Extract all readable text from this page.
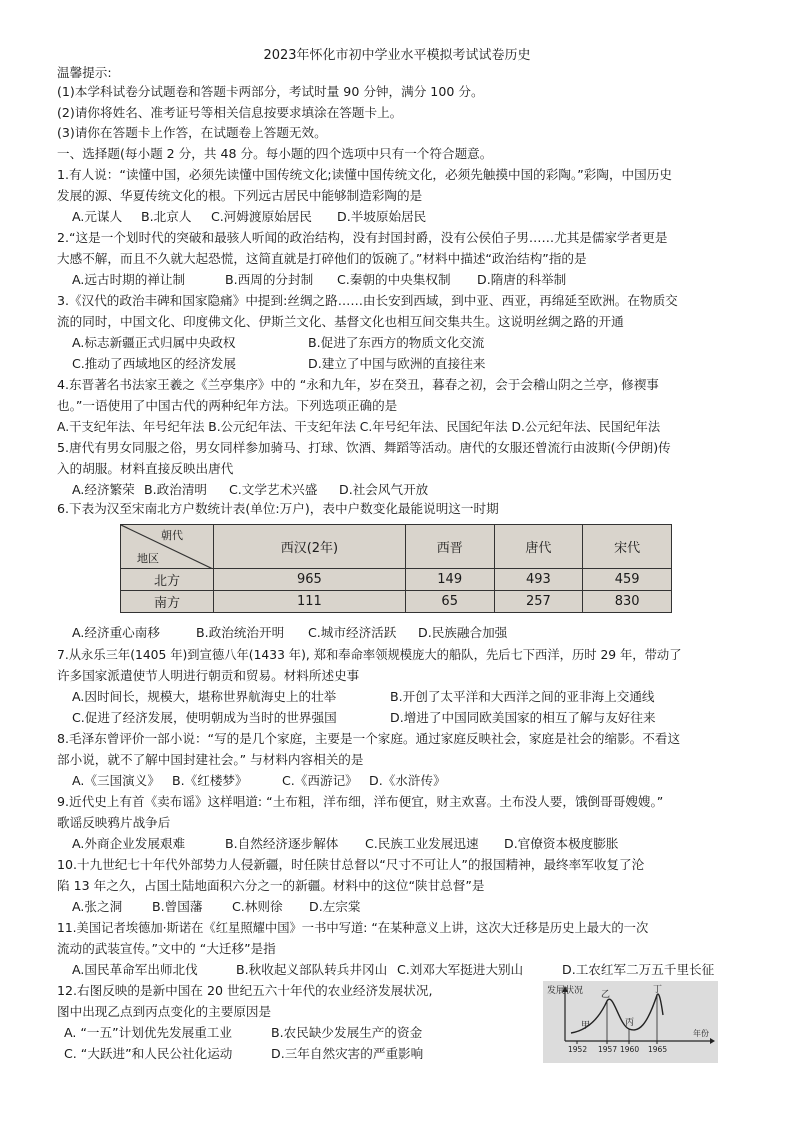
2023年怀化市初中学业水平模拟考试试卷历史
温馨提示:
(1)本学科试卷分试题卷和答题卡两部分，考试时量 90 分钟，满分 100 分。
(2)请你将姓名、准考证号等相关信息按要求填涂在答题卡上。
(3)请你在答题卡上作答，在试题卷上答题无效。
一、选择题(每小题 2 分，共 48 分。每小题的四个选项中只有一个符合题意。
1.有人说：“读懂中国，必须先读懂中国传统文化;读懂中国传统文化，必须先触摸中国的彩陶。”彩陶，中国历史
发展的源、华夏传统文化的根。下列远古居民中能够制造彩陶的是
A.元谋人 B.北京人 C.河姆渡原始居民 D.半坡原始居民
2.“这是一个划时代的突破和最骇人听闻的政治结构，没有封国封爵，没有公侯伯子男……尤其是儒家学者更是
大感不解，而且不久就大起恐慌，这简直就是打碎他们的饭碗了。”材料中描述“政治结构”指的是
A.远古时期的禅让制	B.西周的分封制 C.秦朝的中央集权制 D.隋唐的科举制
3.《汉代的政治丰碑和国家隐痛》中提到:丝绸之路……由长安到西域，到中亚、西亚，再绵延至欧洲。在物质交
流的同时，中国文化、印度佛文化、伊斯兰文化、基督文化也相互间交集共生。这说明丝绸之路的开通
A.标志新疆正式归属中央政权	B.促进了东西方的物质文化交流
C.推动了西域地区的经济发展	D.建立了中国与欧洲的直接往来
4.东晋著名书法家王羲之《兰亭集序》中的 “永和九年，岁在癸丑，暮春之初，会于会稽山阴之兰亭，修禊事
也。”一语使用了中国古代的两种纪年方法。下列选项正确的是
A.干支纪年法、年号纪年法 B.公元纪年法、干支纪年法 C.年号纪年法、民国纪年法 D.公元纪年法、民国纪年法
5.唐代有男女同服之俗，男女同样参加骑马、打球、饮酒、舞蹈等活动。唐代的女服还曾流行由波斯(今伊朗)传
入的胡服。材料直接反映出唐代
A.经济繁荣 B.政治清明 C.文学艺术兴盛 D.社会风气开放
6.下表为汉至宋南北方户数统计表(单位:万户)，表中户数变化最能说明这一时期
朝代
地区	西汉(2年)	西晋	唐代	宋代
北方	965	149	493	459
南方	111	65	257	830
A.经济重心南移	B.政治统治开明 C.城市经济活跃 D.民族融合加强
7.从永乐三年(1405 年)到宣德八年(1433 年), 郑和奉命率领规模庞大的船队，先后七下西洋，历时 29 年，带动了
许多国家派遣使节人明进行朝贡和贸易。材料所述史事
A.因时间长，规模大，堪称世界航海史上的壮举	B.开创了太平洋和大西洋之间的亚非海上交通线
C.促进了经济发展，使明朝成为当时的世界强国	D.增进了中国同欧美国家的相互了解与友好往来
8.毛泽东曾评价一部小说：“写的是几个家庭，主要是一个家庭。通过家庭反映社会，家庭是社会的缩影。不看这
部小说，就不了解中国封建社会。” 与材料内容相关的是
A.《三国演义》 B.《红楼梦》	C.《西游记》 D.《水浒传》
9.近代史上有首《卖布谣》这样唱道: “土布粗，洋布细，洋布便宜，财主欢喜。土布没人要，饿倒哥哥嫂嫂。”
歌谣反映鸦片战争后
A.外商企业发展艰难	B.自然经济逐步解体 C.民族工业发展迅速 D.官僚资本极度膨胀
10.十九世纪七十年代外部势力人侵新疆，时任陕甘总督以“尺寸不可让人”的报国精神，最终率军收复了沦
陷 13 年之久，占国土陆地面积六分之一的新疆。材料中的这位“陕甘总督”是
A.张之洞 B.曾国藩 C.林则徐 D.左宗棠
11.美国记者埃德加·斯诺在《红星照耀中国》一书中写道: “在某种意义上讲，这次大迁移是历史上最大的一次
流动的武装宣传。”文中的 “大迁移”是指
A.国民革命军出师北伐	B.秋收起义部队转兵井冈山 C.刘邓大军挺进大别山	D.工农红军二万五千里长征
12.右图反映的是新中国在 20 世纪五六十年代的农业经济发展状况,
图中出现乙点到丙点变化的主要原因是
A. “一五”计划优先发展重工业	B.农民缺少发展生产的资金
C. “大跃进”和人民公社化运动	D.三年自然灾害的严重影响
发展状况
年份
1952 1957 1960 1965
甲
乙
丙
丁
